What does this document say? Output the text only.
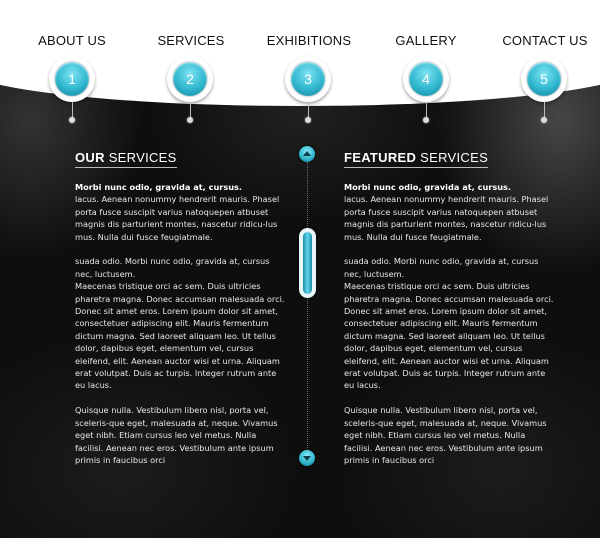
ABOUT US	SERVICES	EXHIBITIONS	GALLERY	CONTACT US
1	2	3	4	5
OUR SERVICES

Morbi nunc odio, gravida at, cursus.
lacus. Aenean nonummy hendrerit mauris. Phasel porta fusce suscipit varius natoquepen atbuset magnis dis parturient montes, nascetur ridicu-lus mus. Nulla dui fusce feugiatmale.

suada odio. Morbi nunc odio, gravida at, cursus nec, luctusem.
Maecenas tristique orci ac sem. Duis ultricies pharetra magna. Donec accumsan malesuada orci. Donec sit amet eros. Lorem ipsum dolor sit amet, consectetuer adipiscing elit. Mauris fermentum dictum magna. Sed laoreet aliquam leo. Ut tellus dolor, dapibus eget, elementum vel, cursus eleifend, elit. Aenean auctor wisi et urna. Aliquam erat volutpat. Duis ac turpis. Integer rutrum ante eu lacus.

Quisque nulla. Vestibulum libero nisl, porta vel, sceleris-que eget, malesuada at, neque. Vivamus eget nibh. Etiam cursus leo vel metus. Nulla facilisi. Aenean nec eros. Vestibulum ante ipsum primis in faucibus orci

FEATURED SERVICES

Morbi nunc odio, gravida at, cursus.
lacus. Aenean nonummy hendrerit mauris. Phasel porta fusce suscipit varius natoquepen atbuset magnis dis parturient montes, nascetur ridicu-lus mus. Nulla dui fusce feugiatmale.

suada odio. Morbi nunc odio, gravida at, cursus nec, luctusem.
Maecenas tristique orci ac sem. Duis ultricies pharetra magna. Donec accumsan malesuada orci. Donec sit amet eros. Lorem ipsum dolor sit amet, consectetuer adipiscing elit. Mauris fermentum dictum magna. Sed laoreet aliquam leo. Ut tellus dolor, dapibus eget, elementum vel, cursus eleifend, elit. Aenean auctor wisi et urna. Aliquam erat volutpat. Duis ac turpis. Integer rutrum ante eu lacus.

Quisque nulla. Vestibulum libero nisl, porta vel, sceleris-que eget, malesuada at, neque. Vivamus eget nibh. Etiam cursus leo vel metus. Nulla facilisi. Aenean nec eros. Vestibulum ante ipsum primis in faucibus orci
